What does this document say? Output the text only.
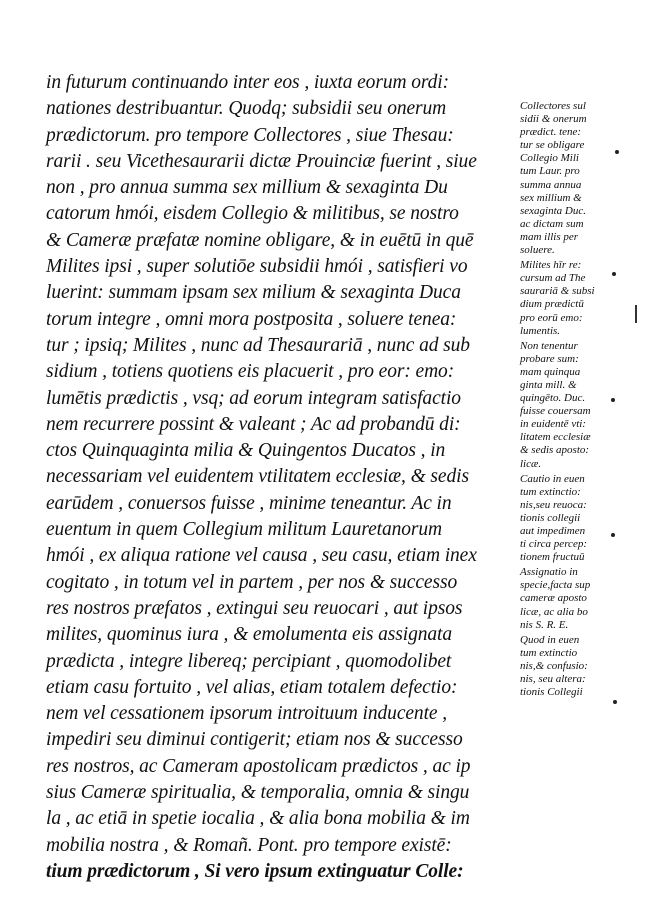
in futurum continuando inter eos , iuxta eorum ordi:
nationes destribuantur. Quodq; subsidii seu onerum
prædictorum. pro tempore Collectores , siue Thesau:
rarii . seu Vicethesaurarii dictæ Prouinciæ fuerint , siue
non , pro annua summa sex millium & sexaginta Du
catorum hmói, eisdem Collegio & militibus, se nostro
& Cameræ præfatæ nomine obligare, & in euētū in quē
Milites ipsi , super solutiōe subsidii hmói , satisfieri vo
luerint: summam ipsam sex milium & sexaginta Duca
torum integre , omni mora postposita , soluere tenea:
tur ; ipsiq; Milites , nunc ad Thesaurariā , nunc ad sub
sidium , totiens quotiens eis placuerit , pro eor: emo:
lumētis prædictis , vsq; ad eorum integram satisfactio
nem recurrere possint & valeant ; Ac ad probandū di:
ctos Quinquaginta milia & Quingentos Ducatos , in
necessariam vel euidentem vtilitatem ecclesiæ, & sedis
earūdem , conuersos fuisse , minime teneantur. Ac in
euentum in quem Collegium militum Lauretanorum
hmói , ex aliqua ratione vel causa , seu casu, etiam inex
cogitato , in totum vel in partem , per nos & successo
res nostros præfatos , extingui seu reuocari , aut ipsos
milites, quominus iura , & emolumenta eis assignata
prædicta , integre libereq; percipiant , quomodolibet
etiam casu fortuito , vel alias, etiam totalem defectio:
nem vel cessationem ipsorum introituum inducente ,
impediri seu diminui contigerit; etiam nos & successo
res nostros, ac Cameram apostolicam prædictos , ac ip
sius Cameræ spiritualia, & temporalia, omnia & singu
la , ac etiā in spetie iocalia , & alia bona mobilia & im
mobilia nostra , & Romañ. Pont. pro tempore existē:
tium prædictorum , Si vero ipsum extinguatur Colle:
Collectores sul
sidii & onerum
prædict. tene:
tur se obligare
Collegio Mili
tum Laur. pro
summa annua
sex millium &
sexaginta Duc.
ac dictam sum
mam illis per
soluere.
Milites hīr re:
cursum ad The
saurariā & subsi
dium prædictū
pro eorū emo:
lumentis.
Non tenentur
probare sum:
mam quinqua
ginta mill. &
quingēto. Duc.
fuisse couersam
in euidentē vti:
litatem ecclesiæ
& sedis aposto:
licæ.
Cautio in euen
tum extinctio:
nis,seu reuoca:
tionis collegii
aut impedimen
ti circa percep:
tionem fructuū
Assignatio in
specie,facta sup
cameræ aposto
licæ, ac alia bo
nis S. R. E.
Quod in euen
tum extinctio
nis,& confusio:
nis, seu altera:
tionis Collegii
